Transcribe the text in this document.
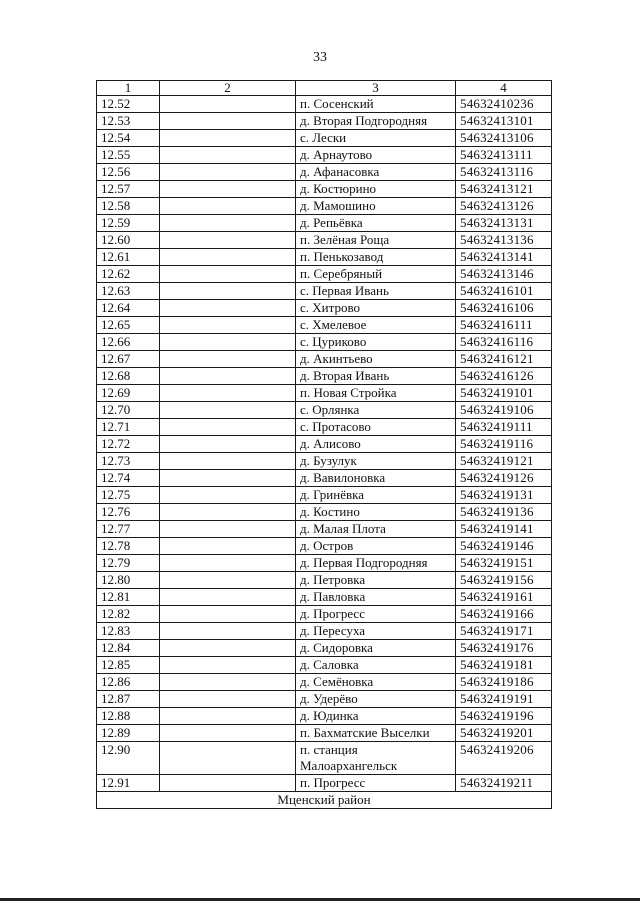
33
1	2	3	4
12.52		п. Сосенский	54632410236
12.53		д. Вторая Подгородняя	54632413101
12.54		с. Лески	54632413106
12.55		д. Арнаутово	54632413111
12.56		д. Афанасовка	54632413116
12.57		д. Костюрино	54632413121
12.58		д. Мамошино	54632413126
12.59		д. Репьёвка	54632413131
12.60		п. Зелёная Роща	54632413136
12.61		п. Пенькозавод	54632413141
12.62		п. Серебряный	54632413146
12.63		с. Первая Ивань	54632416101
12.64		с. Хитрово	54632416106
12.65		с. Хмелевое	54632416111
12.66		с. Цуриково	54632416116
12.67		д. Акинтьево	54632416121
12.68		д. Вторая Ивань	54632416126
12.69		п. Новая Стройка	54632419101
12.70		с. Орлянка	54632419106
12.71		с. Протасово	54632419111
12.72		д. Алисово	54632419116
12.73		д. Бузулук	54632419121
12.74		д. Вавилоновка	54632419126
12.75		д. Гринёвка	54632419131
12.76		д. Костино	54632419136
12.77		д. Малая Плота	54632419141
12.78		д. Остров	54632419146
12.79		д. Первая Подгородняя	54632419151
12.80		д. Петровка	54632419156
12.81		д. Павловка	54632419161
12.82		д. Прогресс	54632419166
12.83		д. Пересуха	54632419171
12.84		д. Сидоровка	54632419176
12.85		д. Саловка	54632419181
12.86		д. Семёновка	54632419186
12.87		д. Удерёво	54632419191
12.88		д. Юдинка	54632419196
12.89		п. Бахматские Выселки	54632419201
12.90		п. станция Малоархангельск	54632419206
12.91		п. Прогресс	54632419211
Мценский район			
